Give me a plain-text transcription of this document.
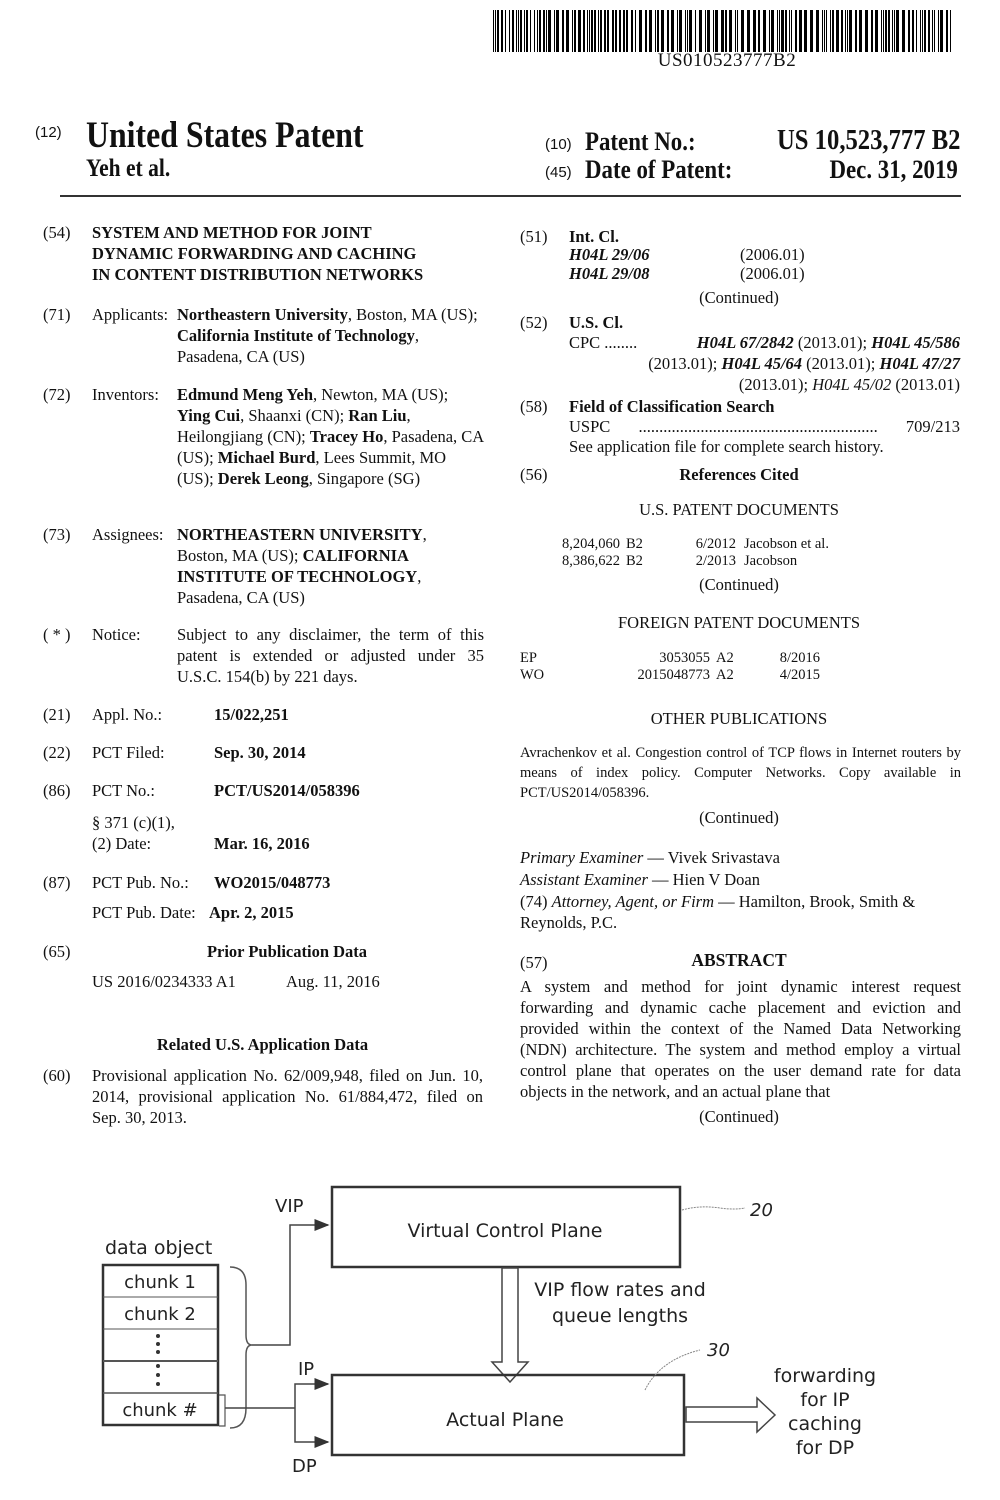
US010523777B2
(12) United States Patent
Yeh et al.
(10) Patent No.:	US 10,523,777 B2
(45) Date of Patent:	Dec. 31, 2019
(54) SYSTEM AND METHOD FOR JOINT
DYNAMIC FORWARDING AND CACHING
IN CONTENT DISTRIBUTION NETWORKS
(71) Applicants: Northeastern University, Boston, MA (US); California Institute of Technology, Pasadena, CA (US)
(72) Inventors: Edmund Meng Yeh, Newton, MA (US); Ying Cui, Shaanxi (CN); Ran Liu, Heilongjiang (CN); Tracey Ho, Pasadena, CA (US); Michael Burd, Lees Summit, MO (US); Derek Leong, Singapore (SG)
(73) Assignees: NORTHEASTERN UNIVERSITY, Boston, MA (US); CALIFORNIA INSTITUTE OF TECHNOLOGY, Pasadena, CA (US)
( * ) Notice: Subject to any disclaimer, the term of this patent is extended or adjusted under 35 U.S.C. 154(b) by 221 days.
(21) Appl. No.:	15/022,251
(22) PCT Filed:	Sep. 30, 2014
(86) PCT No.:	PCT/US2014/058396
§ 371 (c)(1),
(2) Date:	Mar. 16, 2016
(87) PCT Pub. No.: WO2015/048773
PCT Pub. Date: Apr. 2, 2015
(65)	Prior Publication Data
US 2016/0234333 A1	Aug. 11, 2016
Related U.S. Application Data
(60) Provisional application No. 62/009,948, filed on Jun. 10, 2014, provisional application No. 61/884,472, filed on Sep. 30, 2013.
(51) Int. Cl.
H04L 29/06	(2006.01)
H04L 29/08	(2006.01)
(Continued)
(52) U.S. Cl.
CPC ........	H04L 67/2842 (2013.01); H04L 45/586
(2013.01); H04L 45/64 (2013.01); H04L 47/27
(2013.01); H04L 45/02 (2013.01)
(58) Field of Classification Search
USPC	..........................................................	709/213
See application file for complete search history.
(56)	References Cited
U.S. PATENT DOCUMENTS
8,204,060 B2	6/2012 Jacobson et al.
8,386,622 B2	2/2013 Jacobson
(Continued)
FOREIGN PATENT DOCUMENTS
EP	3053055 A2	8/2016
WO	2015048773 A2	4/2015
OTHER PUBLICATIONS
Avrachenkov et al. Congestion control of TCP flows in Internet routers by means of index policy. Computer Networks. Copy available in PCT/US2014/058396.
(Continued)
Primary Examiner — Vivek Srivastava
Assistant Examiner — Hien V Doan
(74) Attorney, Agent, or Firm — Hamilton, Brook, Smith & Reynolds, P.C.
(57)	ABSTRACT
A system and method for joint dynamic interest request forwarding and dynamic cache placement and eviction and provided within the context of the Named Data Networking (NDN) architecture. The system and method employ a virtual control plane that operates on the user demand rate for data objects in the network, and an actual plane that
(Continued)
data object
chunk 1
chunk 2
chunk #
VIP
IP
DP
Virtual Control Plane
20
VIP flow rates and
queue lengths
Actual Plane
30
forwarding
for IP
caching
for DP
